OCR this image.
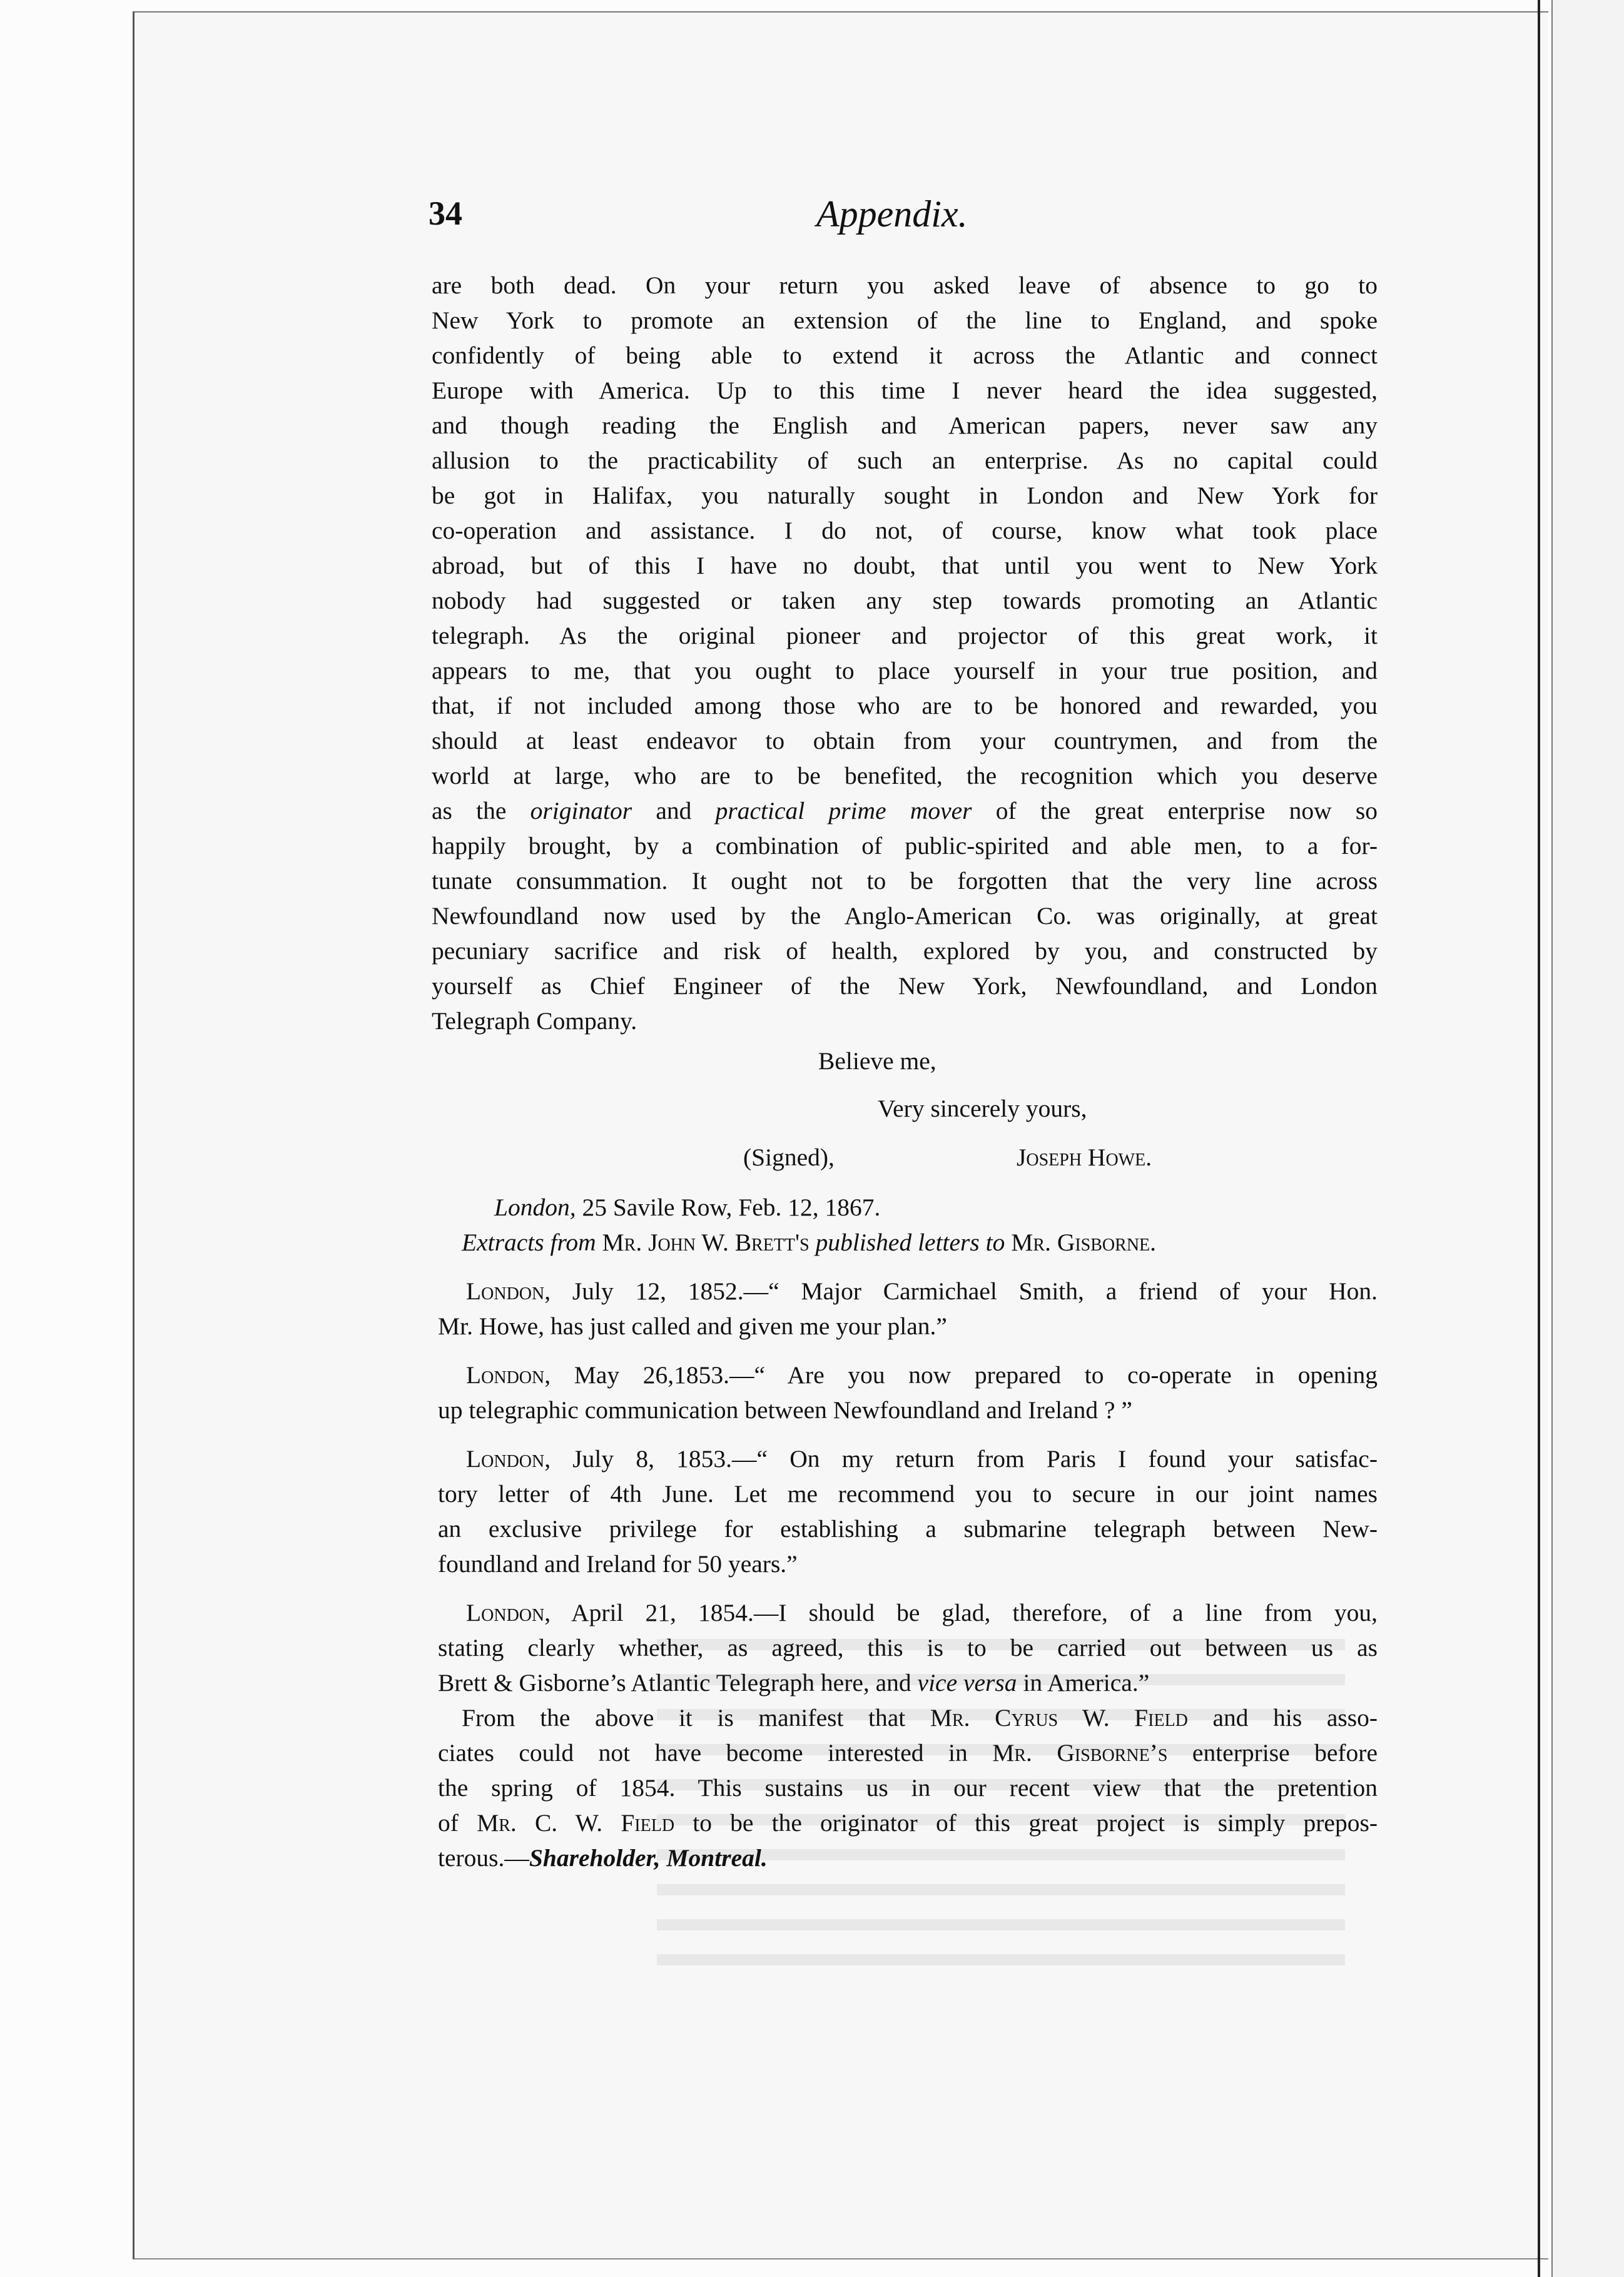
34	Appendix.
are both dead. On your return you asked leave of absence to go to
New York to promote an extension of the line to England, and spoke
confidently of being able to extend it across the Atlantic and connect
Europe with America. Up to this time I never heard the idea suggested,
and though reading the English and American papers, never saw any
allusion to the practicability of such an enterprise. As no capital could
be got in Halifax, you naturally sought in London and New York for
co-operation and assistance. I do not, of course, know what took place
abroad, but of this I have no doubt, that until you went to New York
nobody had suggested or taken any step towards promoting an Atlantic
telegraph. As the original pioneer and projector of this great work, it
appears to me, that you ought to place yourself in your true position, and
that, if not included among those who are to be honored and rewarded, you
should at least endeavor to obtain from your countrymen, and from the
world at large, who are to be benefited, the recognition which you deserve
as the originator and practical prime mover of the great enterprise now so
happily brought, by a combination of public-spirited and able men, to a for-
tunate consummation. It ought not to be forgotten that the very line across
Newfoundland now used by the Anglo-American Co. was originally, at great
pecuniary sacrifice and risk of health, explored by you, and constructed by
yourself as Chief Engineer of the New York, Newfoundland, and London
Telegraph Company.
Believe me,
Very sincerely yours,
(Signed),	Joseph Howe.
London, 25 Savile Row, Feb. 12, 1867.
Extracts from Mr. John W. Brett's published letters to Mr. Gisborne.
London, July 12, 1852.—“ Major Carmichael Smith, a friend of your Hon.
Mr. Howe, has just called and given me your plan.”
London, May 26,1853.—“ Are you now prepared to co-operate in opening
up telegraphic communication between Newfoundland and Ireland ? ”
London, July 8, 1853.—“ On my return from Paris I found your satisfac-
tory letter of 4th June. Let me recommend you to secure in our joint names
an exclusive privilege for establishing a submarine telegraph between New-
foundland and Ireland for 50 years.”
London, April 21, 1854.—I should be glad, therefore, of a line from you,
stating clearly whether, as agreed, this is to be carried out between us as
Brett & Gisborne’s Atlantic Telegraph here, and vice versa in America.”
From the above it is manifest that Mr. Cyrus W. Field and his asso-
ciates could not have become interested in Mr. Gisborne’s enterprise before
the spring of 1854. This sustains us in our recent view that the pretention
of Mr. C. W. Field to be the originator of this great project is simply prepos-
terous.—Shareholder, Montreal.
